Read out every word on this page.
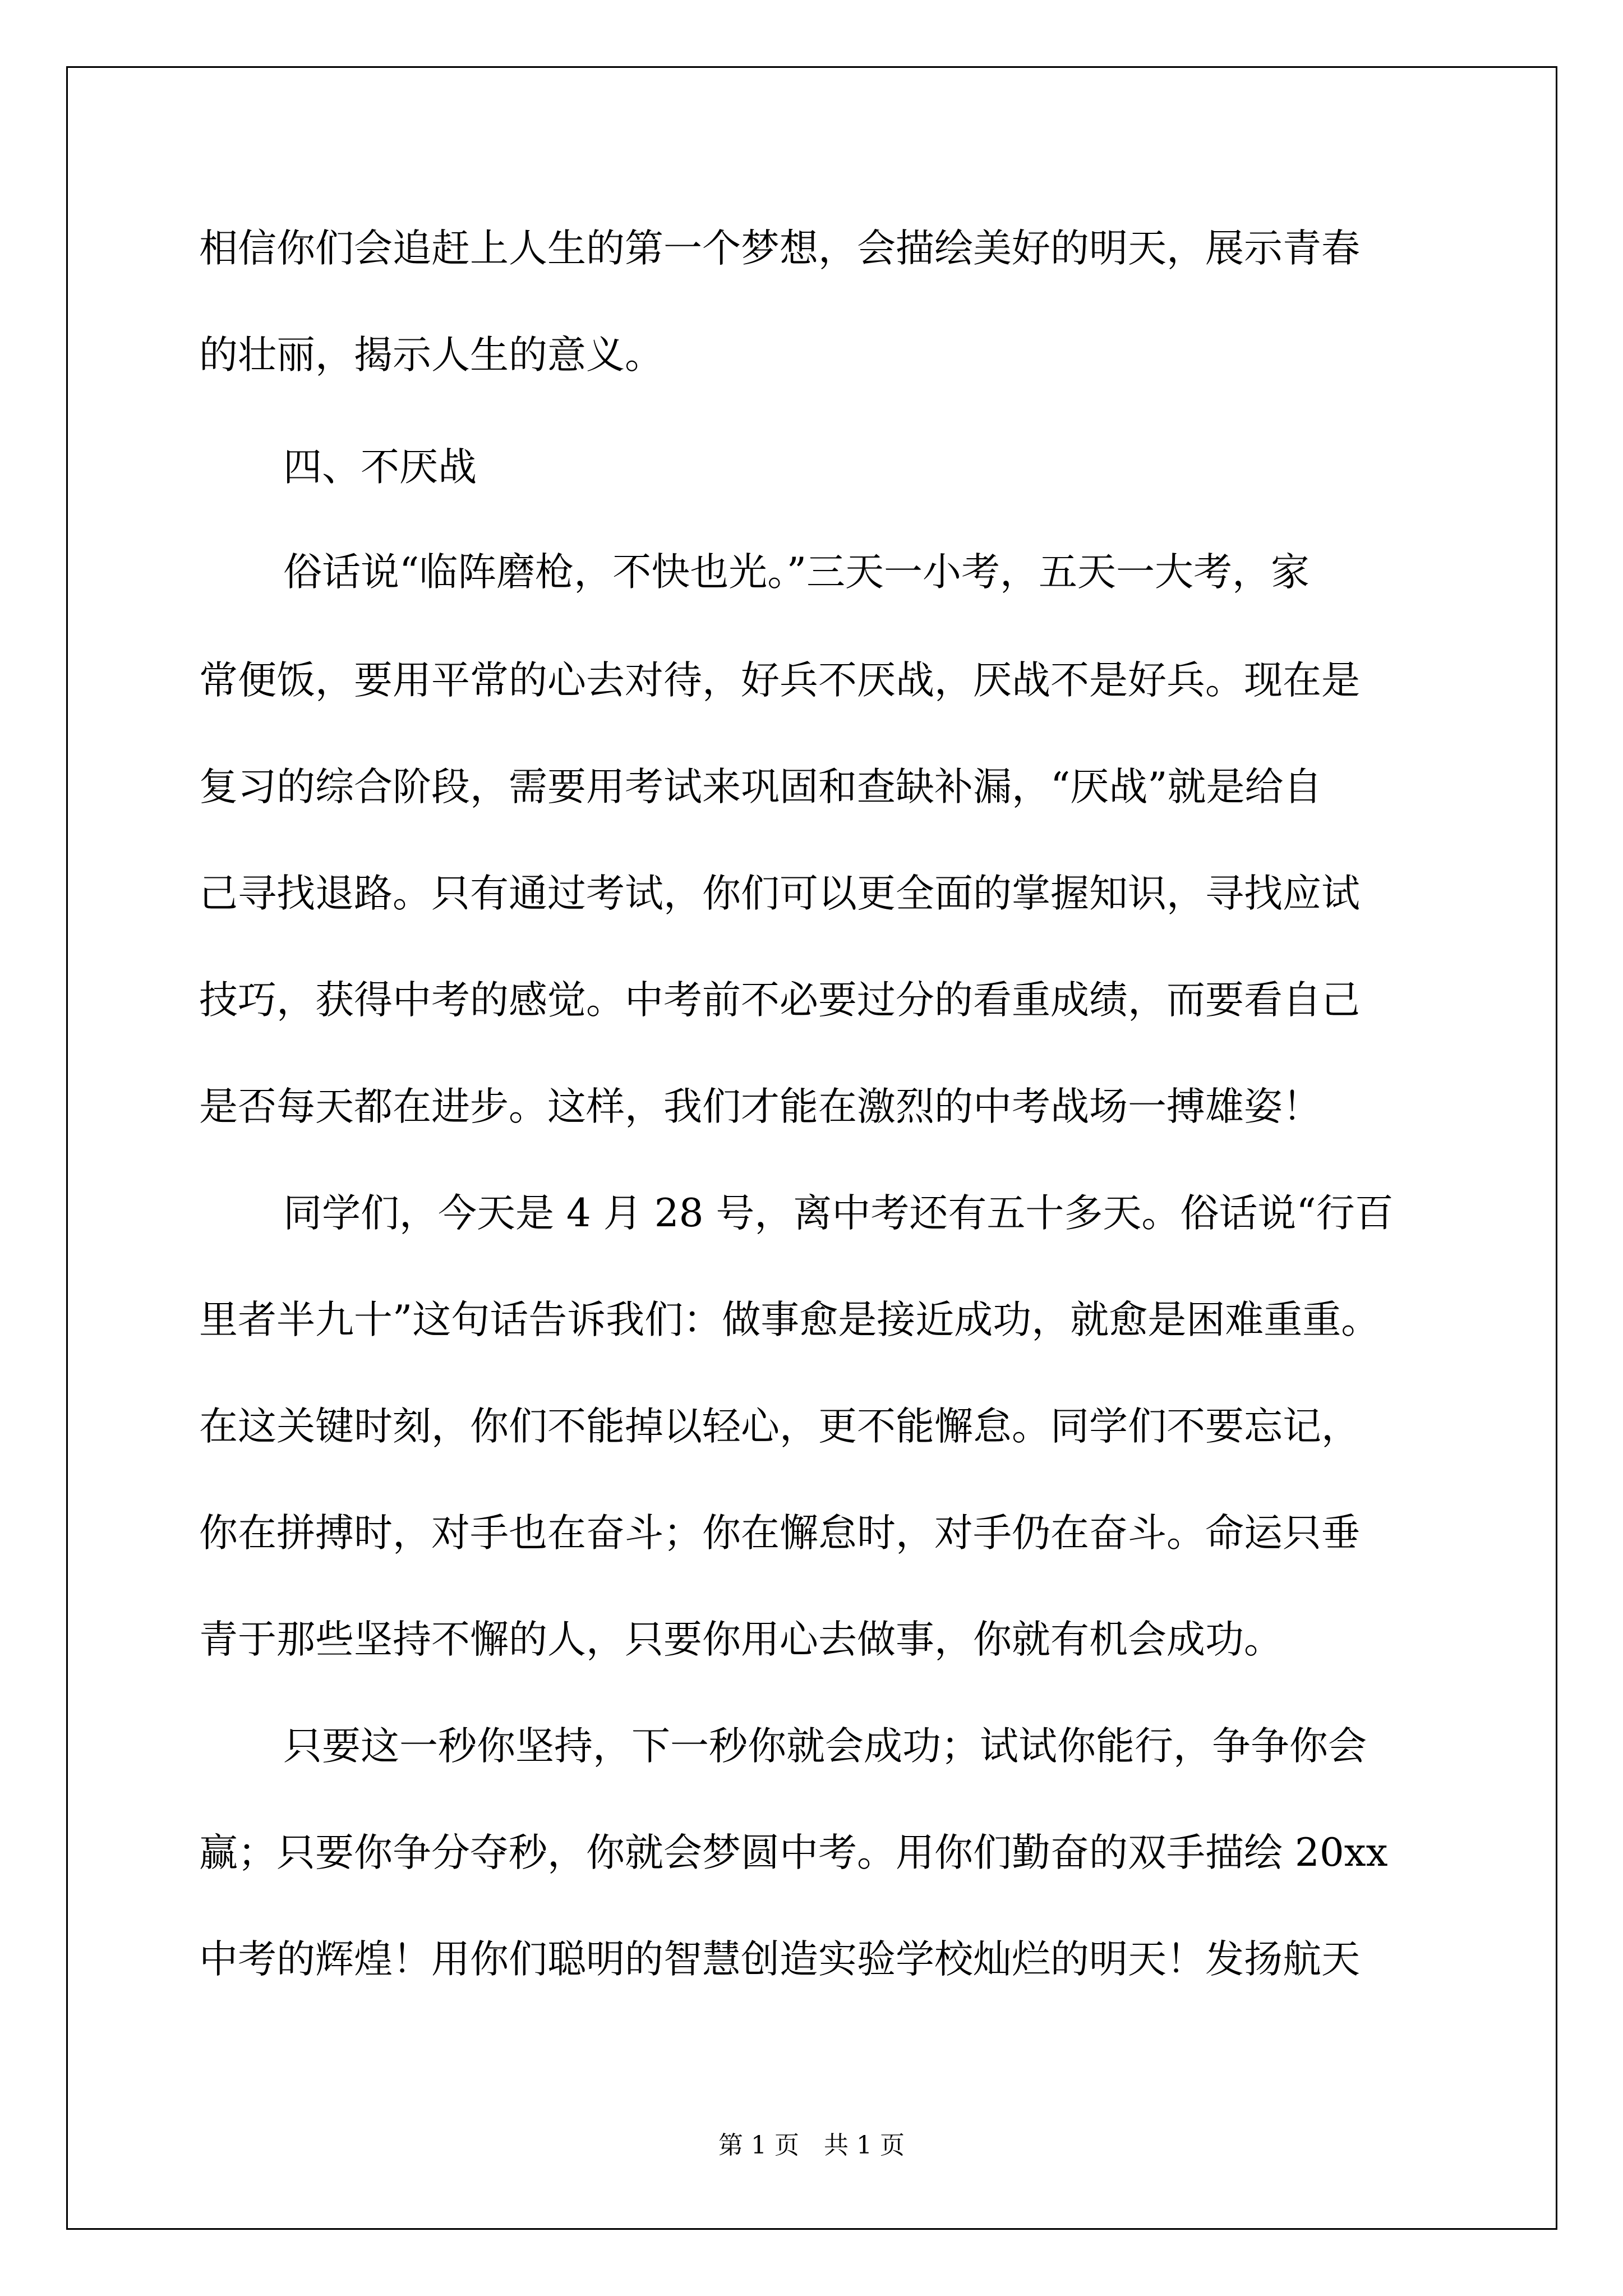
相信你们会追赶上人生的第一个梦想，会描绘美好的明天，展示青春

的壮丽，揭示人生的意义。

四、不厌战

俗话说“临阵磨枪，不快也光。”三天一小考，五天一大考，家

常便饭，要用平常的心去对待，好兵不厌战，厌战不是好兵。现在是

复习的综合阶段，需要用考试来巩固和查缺补漏，“厌战”就是给自

己寻找退路。只有通过考试，你们可以更全面的掌握知识，寻找应试

技巧，获得中考的感觉。中考前不必要过分的看重成绩，而要看自己

是否每天都在进步。这样，我们才能在激烈的中考战场一搏雄姿！

同学们，今天是 4 月 28 号，离中考还有五十多天。俗话说“行百

里者半九十”这句话告诉我们：做事愈是接近成功，就愈是困难重重。

在这关键时刻，你们不能掉以轻心，更不能懈怠。同学们不要忘记，

你在拼搏时，对手也在奋斗；你在懈怠时，对手仍在奋斗。命运只垂

青于那些坚持不懈的人，只要你用心去做事，你就有机会成功。

只要这一秒你坚持，下一秒你就会成功；试试你能行，争争你会

赢；只要你争分夺秒，你就会梦圆中考。用你们勤奋的双手描绘 20xx

中考的辉煌！用你们聪明的智慧创造实验学校灿烂的明天！发扬航天

第 1 页　共 1 页
